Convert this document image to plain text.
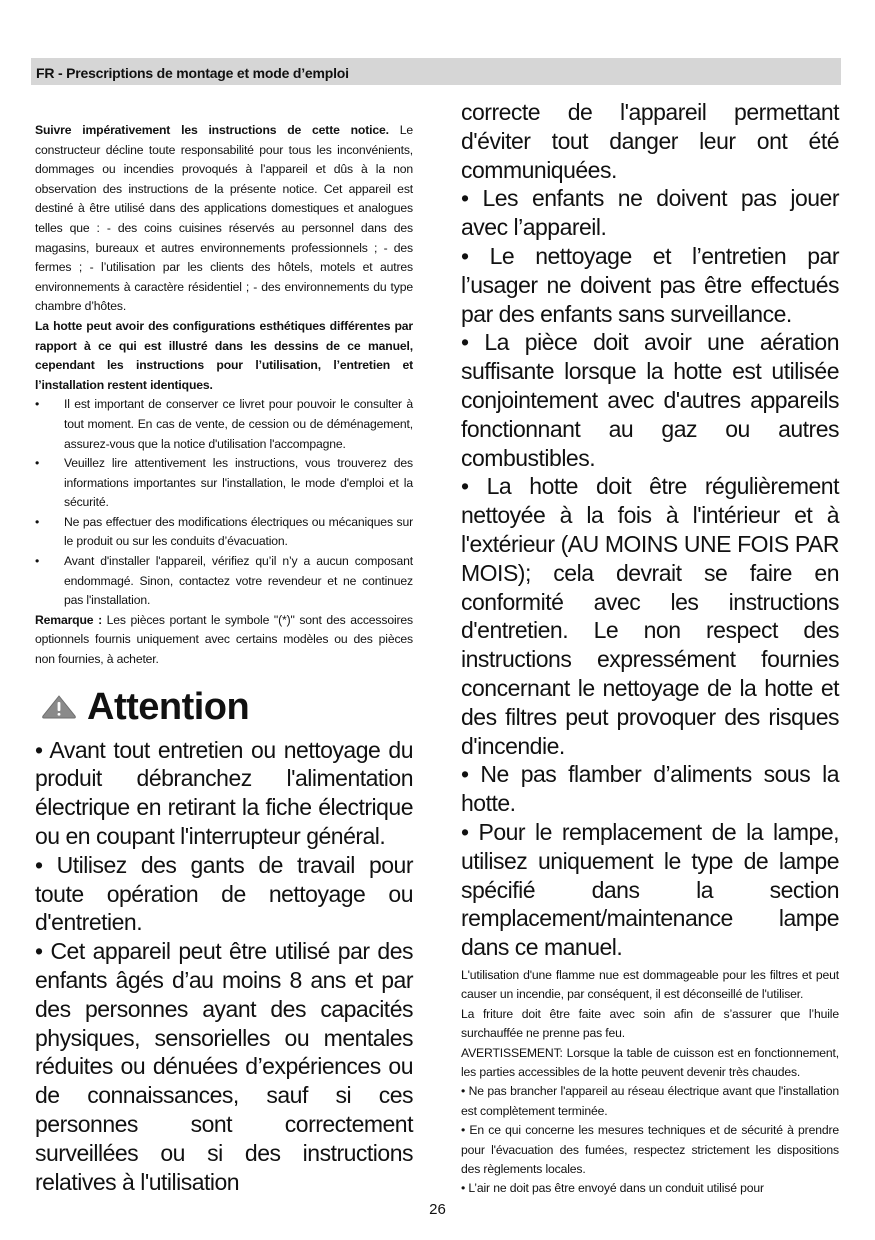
FR - Prescriptions de montage et mode d’emploi

Suivre impérativement les instructions de cette notice. Le constructeur décline toute responsabilité pour tous les inconvénients, dommages ou incendies provoqués à l’appareil et dûs à la non observation des instructions de la présente notice. Cet appareil est destiné à être utilisé dans des applications domestiques et analogues telles que : - des coins cuisines réservés au personnel dans des magasins, bureaux et autres environnements professionnels ; - des fermes ; - l’utilisation par les clients des hôtels, motels et autres environnements à caractère résidentiel ; - des environnements du type chambre d’hôtes.

La hotte peut avoir des configurations esthétiques différentes par rapport à ce qui est illustré dans les dessins de ce manuel, cependant les instructions pour l’utilisation, l’entretien et l’installation restent identiques.

• Il est important de conserver ce livret pour pouvoir le consulter à tout moment. En cas de vente, de cession ou de déménagement, assurez-vous que la notice d'utilisation l'accompagne.
• Veuillez lire attentivement les instructions, vous trouverez des informations importantes sur l'installation, le mode d'emploi et la sécurité.
• Ne pas effectuer des modifications électriques ou mécaniques sur le produit ou sur les conduits d’évacuation.
• Avant d'installer l'appareil, vérifiez qu’il n’y a aucun composant endommagé. Sinon, contactez votre revendeur et ne continuez pas l'installation.

Remarque : Les pièces portant le symbole "(*)" sont des accessoires optionnels fournis uniquement avec certains modèles ou des pièces non fournies, à acheter.

Attention

• Avant tout entretien ou nettoyage du produit débranchez l'alimentation électrique en retirant la fiche électrique ou en coupant l'interrupteur général.

• Utilisez des gants de travail pour toute opération de nettoyage ou d'entretien.

• Cet appareil peut être utilisé par des enfants âgés d’au moins 8 ans et par des personnes ayant des capacités physiques, sensorielles ou mentales réduites ou dénuées d’expériences ou de connaissances, sauf si ces personnes sont correctement surveillées ou si des instructions relatives à l'utilisation

correcte de l'appareil permettant d'éviter tout danger leur ont été communiquées.

• Les enfants ne doivent pas jouer avec l’appareil.

• Le nettoyage et l’entretien par l’usager ne doivent pas être effectués par des enfants sans surveillance.

• La pièce doit avoir une aération suffisante lorsque la hotte est utilisée conjointement avec d'autres appareils fonctionnant au gaz ou autres combustibles.

• La hotte doit être régulièrement nettoyée à la fois à l'intérieur et à l'extérieur (AU MOINS UNE FOIS PAR MOIS); cela devrait se faire en conformité avec les instructions d'entretien. Le non respect des instructions expressément fournies concernant le nettoyage de la hotte et des filtres peut provoquer des risques d'incendie.

• Ne pas flamber d’aliments sous la hotte.

• Pour le remplacement de la lampe, utilisez uniquement le type de lampe spécifié dans la section remplacement/maintenance lampe dans ce manuel.

L'utilisation d'une flamme nue est dommageable pour les filtres et peut causer un incendie, par conséquent, il est déconseillé de l'utiliser.

La friture doit être faite avec soin afin de s’assurer que l’huile surchauffée ne prenne pas feu.

AVERTISSEMENT: Lorsque la table de cuisson est en fonctionnement, les parties accessibles de la hotte peuvent devenir très chaudes.

• Ne pas brancher l'appareil au réseau électrique avant que l'installation est complètement terminée.

• En ce qui concerne les mesures techniques et de sécurité à prendre pour l'évacuation des fumées, respectez strictement les dispositions des règlements locales.

• L’air ne doit pas être envoyé dans un conduit utilisé pour

26
